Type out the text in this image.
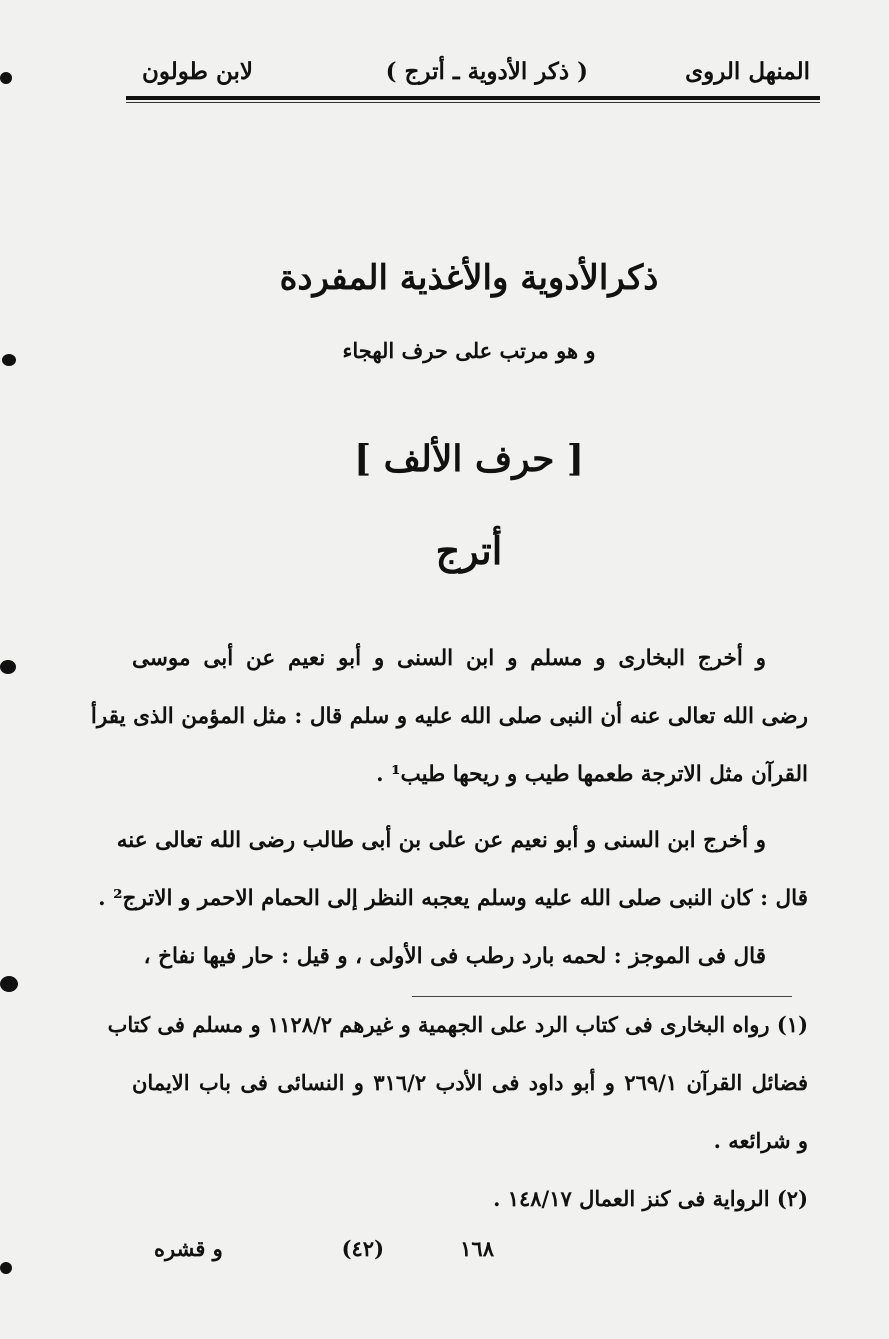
المنهل الروى
( ذكر الأدوية ـ أترج )
لابن طولون
ذكرالأدوية والأغذية المفردة
و هو مرتب على حرف الهجاء
[ حرف الألف ]
أترج
و أخرج البخارى و مسلم و ابن السنى و أبو نعيم عن أبى موسى
رضى الله تعالى عنه أن النبى صلى الله عليه و سلم قال : مثل المؤمن الذى يقرأ
القرآن مثل الاترجة طعمها طيب و ريحها طيب¹ .
و أخرج ابن السنى و أبو نعيم عن على بن أبى طالب رضى الله تعالى عنه
قال : كان النبى صلى الله عليه وسلم يعجبه النظر إلى الحمام الاحمر و الاترج² .
قال فى الموجز : لحمه بارد رطب فى الأولى ، و قيل : حار فيها نفاخ ،
(١) رواه البخارى فى كتاب الرد على الجهمية و غيرهم ١١٢٨/٢ و مسلم فى كتاب
فضائل القرآن ٢٦٩/١ و أبو داود فى الأدب ٣١٦/٢ و النسائى فى باب الايمان
و شرائعه .
(٢) الرواية فى كنز العمال ١٤٨/١٧ .
١٦٨
(٤٢)
و قشره
